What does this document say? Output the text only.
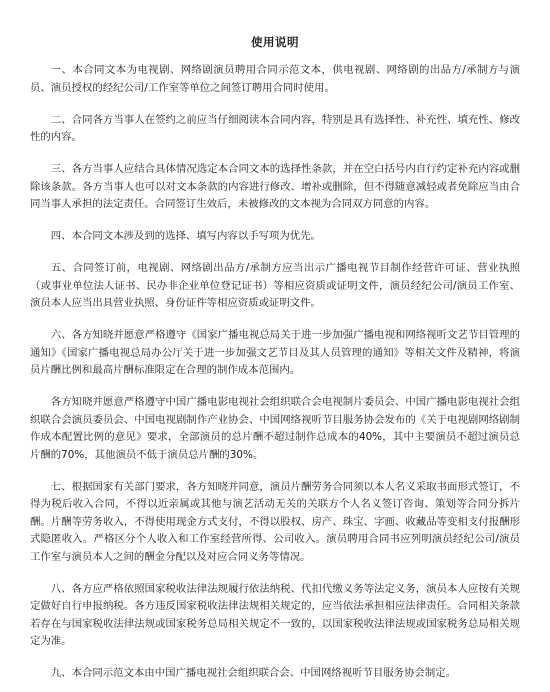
使用说明

一、本合同文本为电视剧、网络剧演员聘用合同示范文本，供电视剧、网络剧的出品方/承制方与演员、演员授权的经纪公司/工作室等单位之间签订聘用合同时使用。

二、合同各方当事人在签约之前应当仔细阅读本合同内容，特别是具有选择性、补充性、填充性、修改性的内容。

三、各方当事人应结合具体情况选定本合同文本的选择性条款，并在空白括号内自行约定补充内容或删除该条款。各方当事人也可以对文本条款的内容进行修改、增补或删除，但不得随意减轻或者免除应当由合同当事人承担的法定责任。合同签订生效后，未被修改的文本视为合同双方同意的内容。

四、本合同文本涉及到的选择、填写内容以手写项为优先。

五、合同签订前，电视剧、网络剧出品方/承制方应当出示广播电视节目制作经营许可证、营业执照（或事业单位法人证书、民办非企业单位登记证书）等相应资质或证明文件，演员经纪公司/演员工作室、演员本人应当出具营业执照、身份证件等相应资质或证明文件。

六、各方知晓并愿意严格遵守《国家广播电视总局关于进一步加强广播电视和网络视听文艺节目管理的通知》《国家广播电视总局办公厅关于进一步加强文艺节目及其人员管理的通知》等相关文件及精神，将演员片酬比例和最高片酬标准限定在合理的制作成本范围内。

各方知晓并愿意严格遵守中国广播电影电视社会组织联合会电视制片委员会、中国广播电影电视社会组织联合会演员委员会、中国电视剧制作产业协会、中国网络视听节目服务协会发布的《关于电视剧网络剧制作成本配置比例的意见》要求，全部演员的总片酬不超过制作总成本的40%，其中主要演员不超过演员总片酬的70%，其他演员不低于演员总片酬的30%。

七、根据国家有关部门要求，各方知晓并同意，演员片酬劳务合同须以本人名义采取书面形式签订，不得为税后收入合同，不得以近亲属或其他与演艺活动无关的关联方个人名义签订咨询、策划等合同分拆片酬。片酬等劳务收入，不得使用现金方式支付，不得以股权、房产、珠宝、字画、收藏品等变相支付报酬形式隐匿收入。严格区分个人收入和工作室经营所得、公司收入。演员聘用合同书应列明演员经纪公司/演员工作室与演员本人之间的酬金分配以及对应合同义务等情况。

八、各方应严格依照国家税收法律法规履行依法纳税、代扣代缴义务等法定义务，演员本人应按有关规定做好自行申报纳税。各方违反国家税收法律法规相关规定的，应当依法承担相应法律责任。合同相关条款若存在与国家税收法律法规或国家税务总局相关规定不一致的，以国家税收法律法规或国家税务总局相关规定为准。

九、本合同示范文本由中国广播电视社会组织联合会、中国网络视听节目服务协会制定。
